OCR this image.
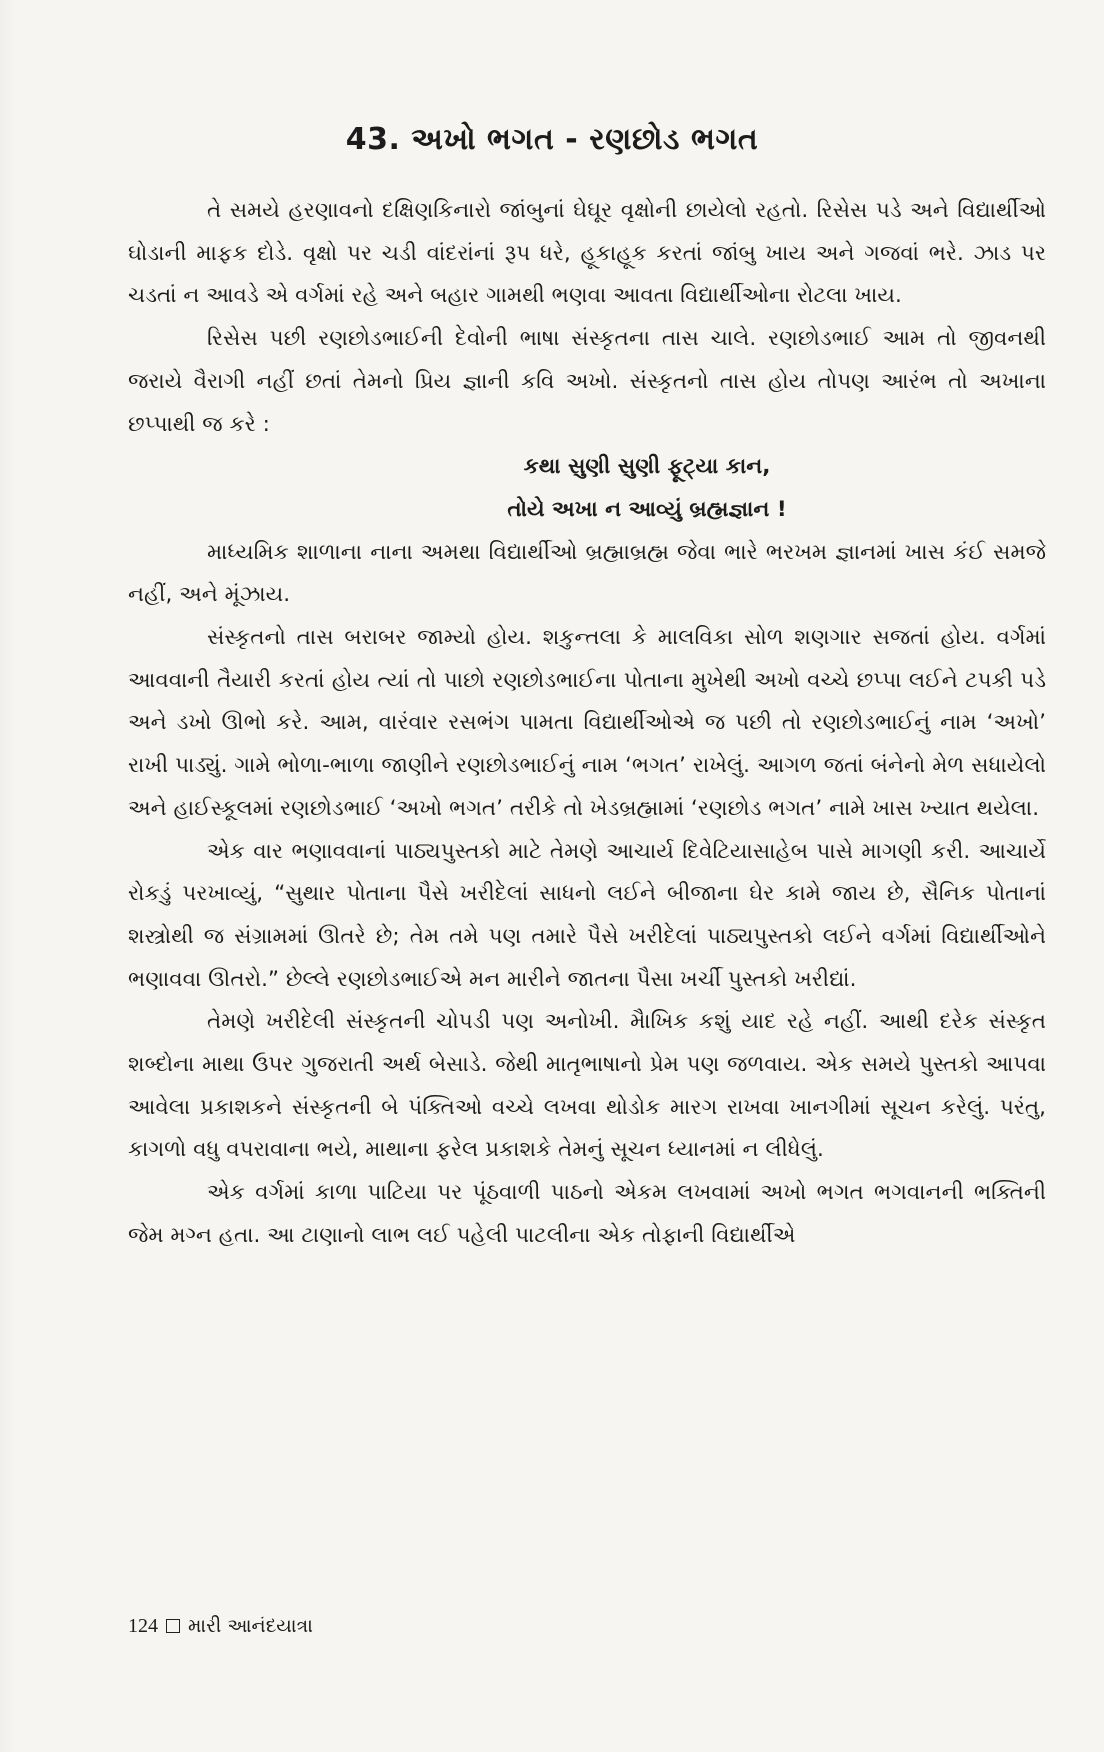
43. અખો ભગત - રણછોડ ભગત

તે સમયે હરણાવનો દક્ષિણકિનારો જાંબુનાં ઘેઘૂર વૃક્ષોની છાયેલો રહતો. રિસેસ પડે અને વિદ્યાર્થીઓ ઘોડાની માફક દોડે. વૃક્ષો પર ચડી વાંદરાંનાં રૂપ ધરે, હૂકાહૂક કરતાં જાંબુ ખાય અને ગજવાં ભરે. ઝાડ પર ચડતાં ન આવડે એ વર્ગમાં રહે અને બહાર ગામથી ભણવા આવતા વિદ્યાર્થીઓના રોટલા ખાય.

રિસેસ પછી રણછોડભાઈની દેવોની ભાષા સંસ્કૃતના તાસ ચાલે. રણછોડભાઈ આમ તો જીવનથી જરાયે વૈરાગી નહીં છતાં તેમનો પ્રિય જ્ઞાની કવિ અખો. સંસ્કૃતનો તાસ હોય તોપણ આરંભ તો અખાના છપ્પાથી જ કરે :

કથા સુણી સુણી ફૂટ્યા કાન,

તોયે અખા ન આવ્યું બ્રહ્મજ્ઞાન !

માધ્યમિક શાળાના નાના અમથા વિદ્યાર્થીઓ બ્રહ્માબ્રહ્મ જેવા ભારે ભરખમ જ્ઞાનમાં ખાસ કંઈ સમજે નહીં, અને મૂંઝાય.

સંસ્કૃતનો તાસ બરાબર જામ્યો હોય. શકુન્તલા કે માલવિકા સોળ શણગાર સજતાં હોય. વર્ગમાં આવવાની તૈયારી કરતાં હોય ત્યાં તો પાછો રણછોડભાઈના પોતાના મુખેથી અખો વચ્ચે છપ્પા લઈને ટપકી પડે અને ડખો ઊભો કરે. આમ, વારંવાર રસભંગ પામતા વિદ્યાર્થીઓએ જ પછી તો રણછોડભાઈનું નામ ‘અખો’ રાખી પાડ્યું. ગામે ભોળા-ભાળા જાણીને રણછોડભાઈનું નામ ‘ભગત’ રાખેલું. આગળ જતાં બંનેનો મેળ સધાયેલો અને હાઈસ્કૂલમાં રણછોડભાઈ ‘અખો ભગત’ તરીકે તો ખેડબ્રહ્મામાં ‘રણછોડ ભગત’ નામે ખાસ ખ્યાત થયેલા.

એક વાર ભણાવવાનાં પાઠ્યપુસ્તકો માટે તેમણે આચાર્ય દિવેટિયાસાહેબ પાસે માગણી કરી. આચાર્યે રોકડું પરખાવ્યું, “સુથાર પોતાના પૈસે ખરીદેલાં સાધનો લઈને બીજાના ઘેર કામે જાય છે, સૈનિક પોતાનાં શસ્ત્રોથી જ સંગ્રામમાં ઊતરે છે; તેમ તમે પણ તમારે પૈસે ખરીદેલાં પાઠ્યપુસ્તકો લઈને વર્ગમાં વિદ્યાર્થીઓને ભણાવવા ઊતરો.” છેલ્લે રણછોડભાઈએ મન મારીને જાતના પૈસા ખર્ચી પુસ્તકો ખરીદ્યાં.

તેમણે ખરીદેલી સંસ્કૃતની ચોપડી પણ અનોખી. મૈાખિક કશું યાદ રહે નહીં. આથી દરેક સંસ્કૃત શબ્દોના માથા ઉપર ગુજરાતી અર્થ બેસાડે. જેથી માતૃભાષાનો પ્રેમ પણ જળવાય. એક સમયે પુસ્તકો આપવા આવેલા પ્રકાશકને સંસ્કૃતની બે પંક્તિઓ વચ્ચે લખવા થોડોક મારગ રાખવા ખાનગીમાં સૂચન કરેલું. પરંતુ, કાગળો વધુ વપરાવાના ભયે, માથાના ફરેલ પ્રકાશકે તેમનું સૂચન ધ્યાનમાં ન લીધેલું.

એક વર્ગમાં કાળા પાટિયા પર પૂંઠવાળી પાઠનો એકમ લખવામાં અખો ભગત ભગવાનની ભક્તિની જેમ મગ્ન હતા. આ ટાણાનો લાભ લઈ પહેલી પાટલીના એક તોફાની વિદ્યાર્થીએ

124 મારી આનંદયાત્રા
